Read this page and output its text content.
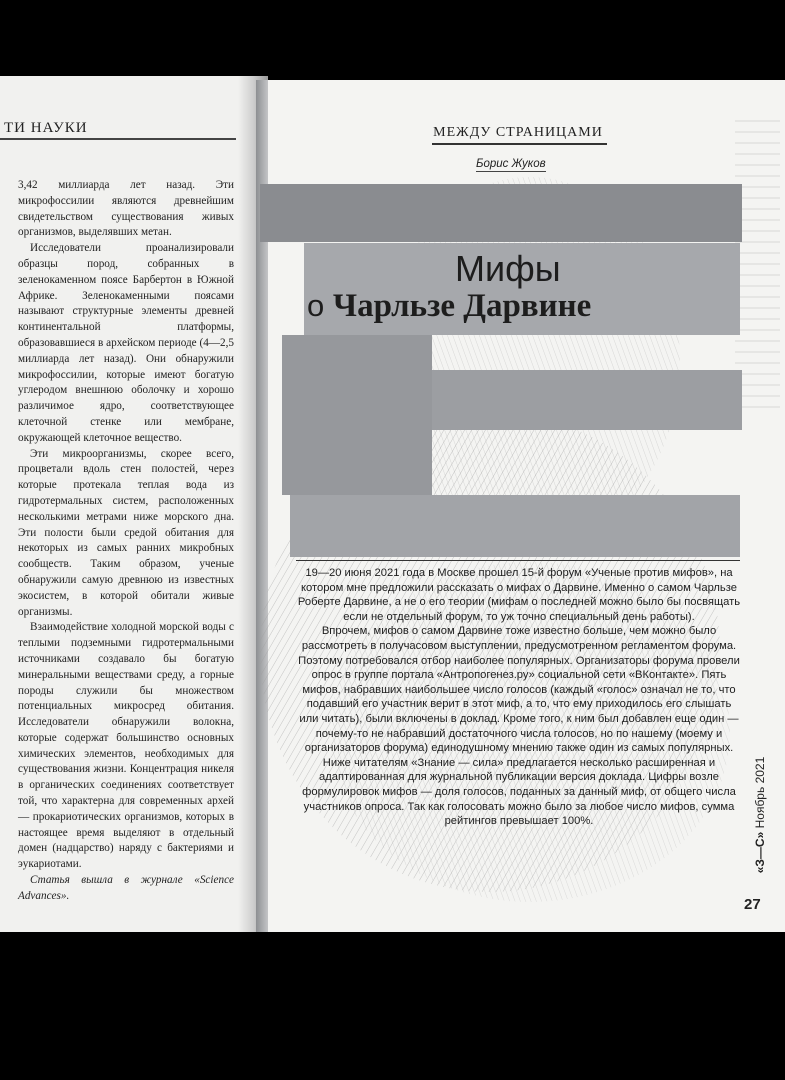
ТИ НАУКИ

3,42 миллиарда лет назад. Эти микрофоссилии являются древнейшим свидетельством существования живых организмов, выделявших метан.

Исследователи проанализировали образцы пород, собранных в зеленокаменном поясе Барбертон в Южной Африке. Зеленокаменными поясами называют структурные элементы древней континентальной платформы, образовавшиеся в архейском периоде (4—2,5 миллиарда лет назад). Они обнаружили микрофоссилии, которые имеют богатую углеродом внешнюю оболочку и хорошо различимое ядро, соответствующее клеточной стенке или мембране, окружающей клеточное вещество.

Эти микроорганизмы, скорее всего, процветали вдоль стен полостей, через которые протекала теплая вода из гидротермальных систем, расположенных несколькими метрами ниже морского дна. Эти полости были средой обитания для некоторых из самых ранних микробных сообществ. Таким образом, ученые обнаружили самую древнюю из известных экосистем, в которой обитали живые организмы.

Взаимодействие холодной морской воды с теплыми подземными гидротермальными источниками создавало бы богатую минеральными веществами среду, а горные породы служили бы множеством потенциальных микросред обитания. Исследователи обнаружили волокна, которые содержат большинство основных химических элементов, необходимых для существования жизни. Концентрация никеля в органических соединениях соответствует той, что характерна для современных архей — прокариотических организмов, которых в настоящее время выделяют в отдельный домен (надцарство) наряду с бактериями и эукариотами.

Статья вышла в журнале «Science Advances».

МЕЖДУ СТРАНИЦАМИ
Борис Жуков
Мифы
о Чарльзе Дарвине

19—20 июня 2021 года в Москве прошел 15-й форум «Ученые против мифов», на котором мне предложили рассказать о мифах о Дарвине. Именно о самом Чарльзе Роберте Дарвине, а не о его теории (мифам о последней можно было бы посвящать если не отдельный форум, то уж точно специальный день работы).

Впрочем, мифов о самом Дарвине тоже известно больше, чем можно было рассмотреть в получасовом выступлении, предусмотренном регламентом форума. Поэтому потребовался отбор наиболее популярных. Организаторы форума провели опрос в группе портала «Антропогенез.ру» социальной сети «ВКонтакте». Пять мифов, набравших наибольшее число голосов (каждый «голос» означал не то, что подавший его участник верит в этот миф, а то, что ему приходилось его слышать или читать), были включены в доклад. Кроме того, к ним был добавлен еще один — почему-то не набравший достаточного числа голосов, но по нашему (моему и организаторов форума) единодушному мнению также один из самых популярных.

Ниже читателям «Знание — сила» предлагается несколько расширенная и адаптированная для журнальной публикации версия доклада. Цифры возле формулировок мифов — доля голосов, поданных за данный миф, от общего числа участников опроса. Так как голосовать можно было за любое число мифов, сумма рейтингов превышает 100%.

«З—С» Ноябрь 2021
27
